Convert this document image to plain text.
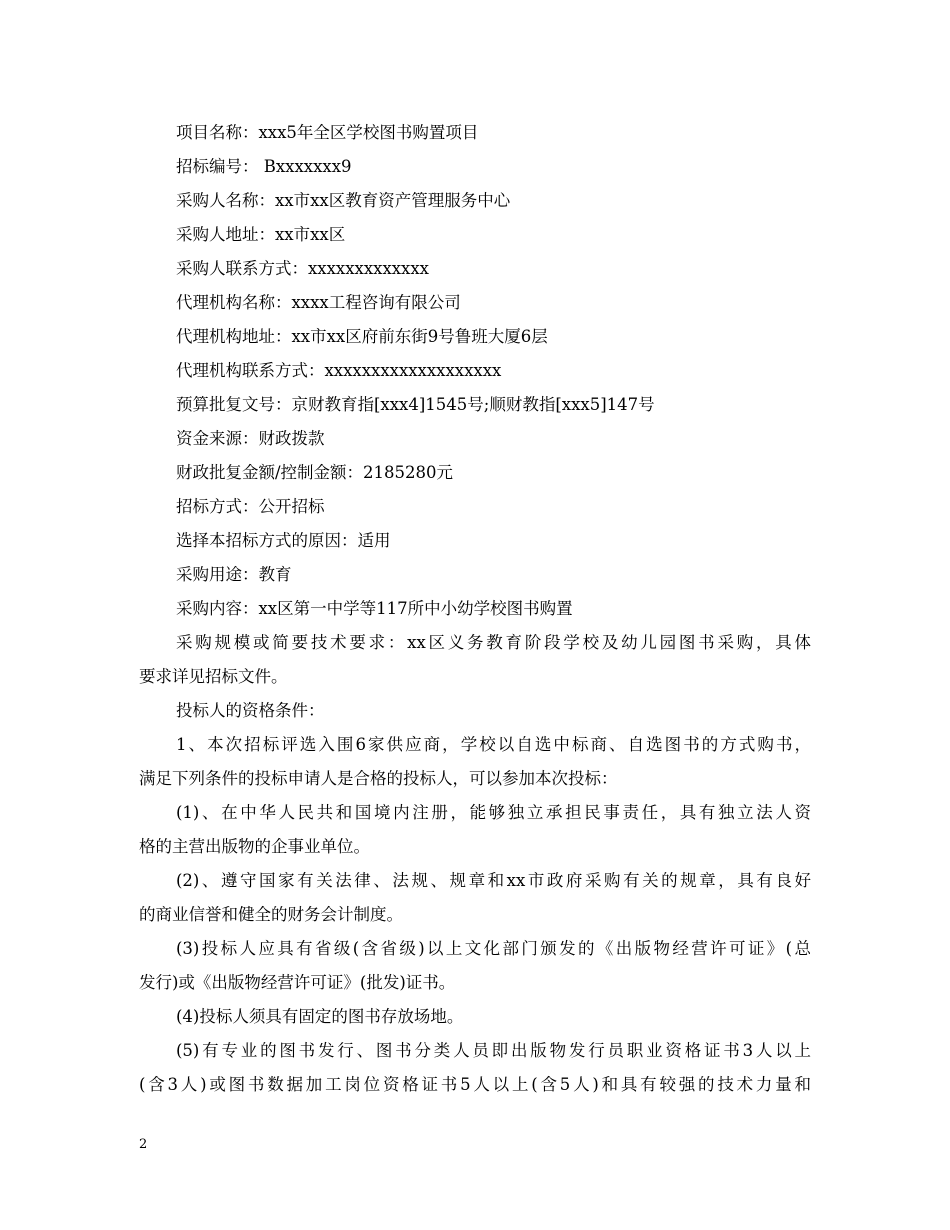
项目名称：xxx5年全区学校图书购置项目
招标编号： Bxxxxxxx9
采购人名称：xx市xx区教育资产管理服务中心
采购人地址：xx市xx区
采购人联系方式：xxxxxxxxxxxxx
代理机构名称：xxxx工程咨询有限公司
代理机构地址：xx市xx区府前东街9号鲁班大厦6层
代理机构联系方式：xxxxxxxxxxxxxxxxxxx
预算批复文号：京财教育指[xxx4]1545号;顺财教指[xxx5]147号
资金来源：财政拨款
财政批复金额/控制金额：2185280元
招标方式：公开招标
选择本招标方式的原因：适用
采购用途：教育
采购内容：xx区第一中学等117所中小幼学校图书购置
采购规模或简要技术要求：xx区义务教育阶段学校及幼儿园图书采购，具体
要求详见招标文件。
投标人的资格条件：
1、本次招标评选入围6家供应商，学校以自选中标商、自选图书的方式购书，
满足下列条件的投标申请人是合格的投标人，可以参加本次投标：
(1)、在中华人民共和国境内注册，能够独立承担民事责任，具有独立法人资
格的主营出版物的企事业单位。
(2)、遵守国家有关法律、法规、规章和xx市政府采购有关的规章，具有良好
的商业信誉和健全的财务会计制度。
(3)投标人应具有省级(含省级)以上文化部门颁发的《出版物经营许可证》(总
发行)或《出版物经营许可证》(批发)证书。
(4)投标人须具有固定的图书存放场地。
(5)有专业的图书发行、图书分类人员即出版物发行员职业资格证书3人以上
(含3人)或图书数据加工岗位资格证书5人以上(含5人)和具有较强的技术力量和
2
